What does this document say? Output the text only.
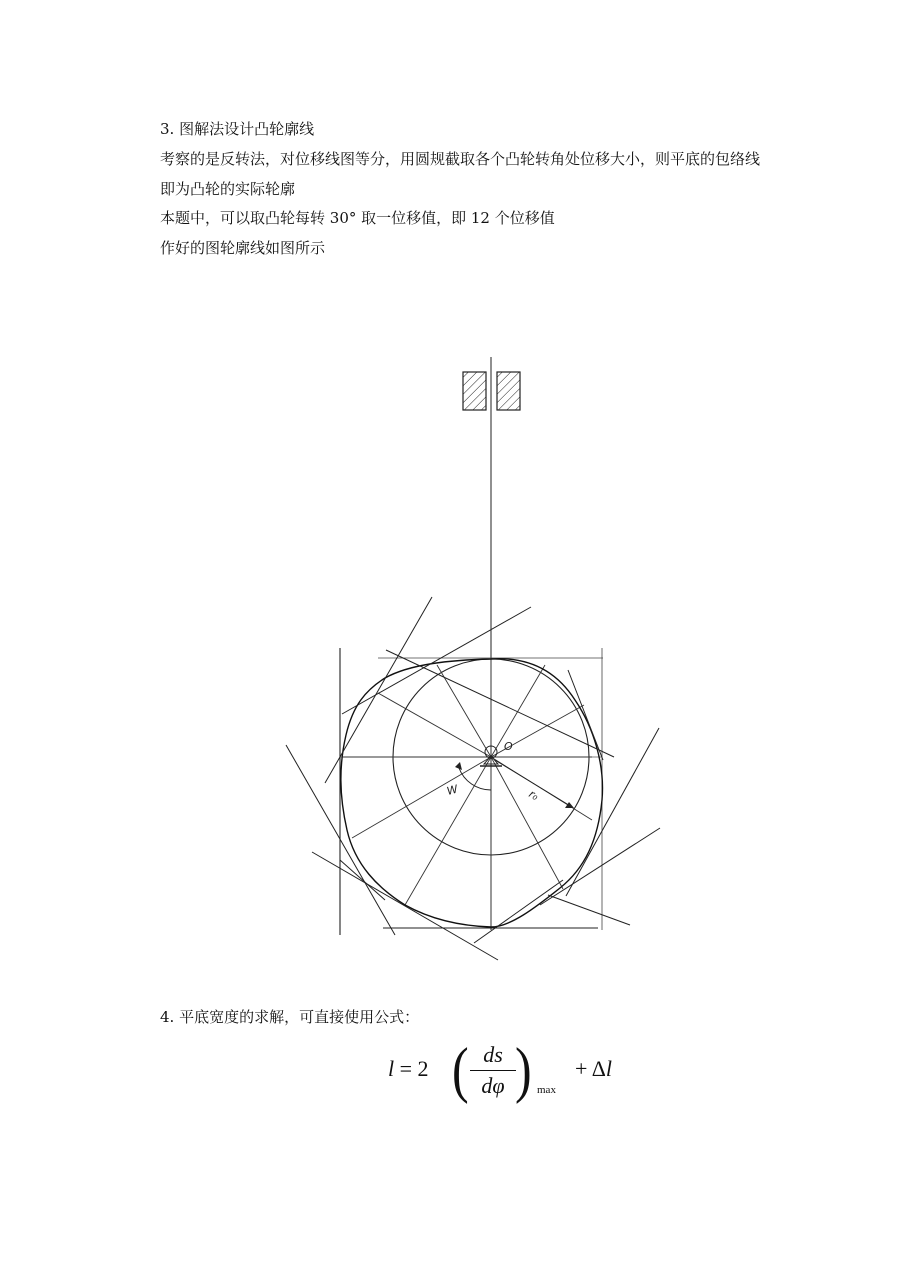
3. 图解法设计凸轮廓线
考察的是反转法，对位移线图等分，用圆规截取各个凸轮转角处位移大小，则平底的包络线
即为凸轮的实际轮廓
本题中，可以取凸轮每转 30° 取一位移值，即 12 个位移值
作好的图轮廓线如图所示
O
W	r₀
4. 平底宽度的求解，可直接使用公式：
l = 2 ( ds
dφ ) max
+ Δl
